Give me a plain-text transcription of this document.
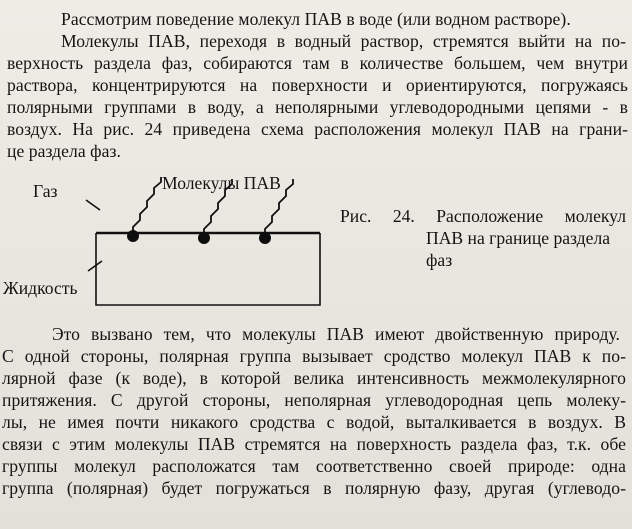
Рассмотрим поведение молекул ПАВ в воде (или водном растворе).
Молекулы ПАВ, переходя в водный раствор, стремятся выйти на по-
верхность раздела фаз, собираются там в количестве большем, чем внутри
раствора, концентрируются на поверхности и ориентируются, погружаясь
полярными группами в воду, а неполярными углеводородными цепями - в
воздух. На рис. 24 приведена схема расположения молекул ПАВ на грани-
це раздела фаз.
Газ	Молекулы ПАВ
Жидкость
Рис. 24. Расположение молекул
ПАВ на границе раздела
фаз
Это вызвано тем, что молекулы ПАВ имеют двойственную природу.
С одной стороны, полярная группа вызывает сродство молекул ПАВ к по-
лярной фазе (к воде), в которой велика интенсивность межмолекулярного
притяжения. С другой стороны, неполярная углеводородная цепь молеку-
лы, не имея почти никакого сродства с водой, выталкивается в воздух. В
связи с этим молекулы ПАВ стремятся на поверхность раздела фаз, т.к. обе
группы молекул расположатся там соответственно своей природе: одна
группа (полярная) будет погружаться в полярную фазу, другая (углеводо-
